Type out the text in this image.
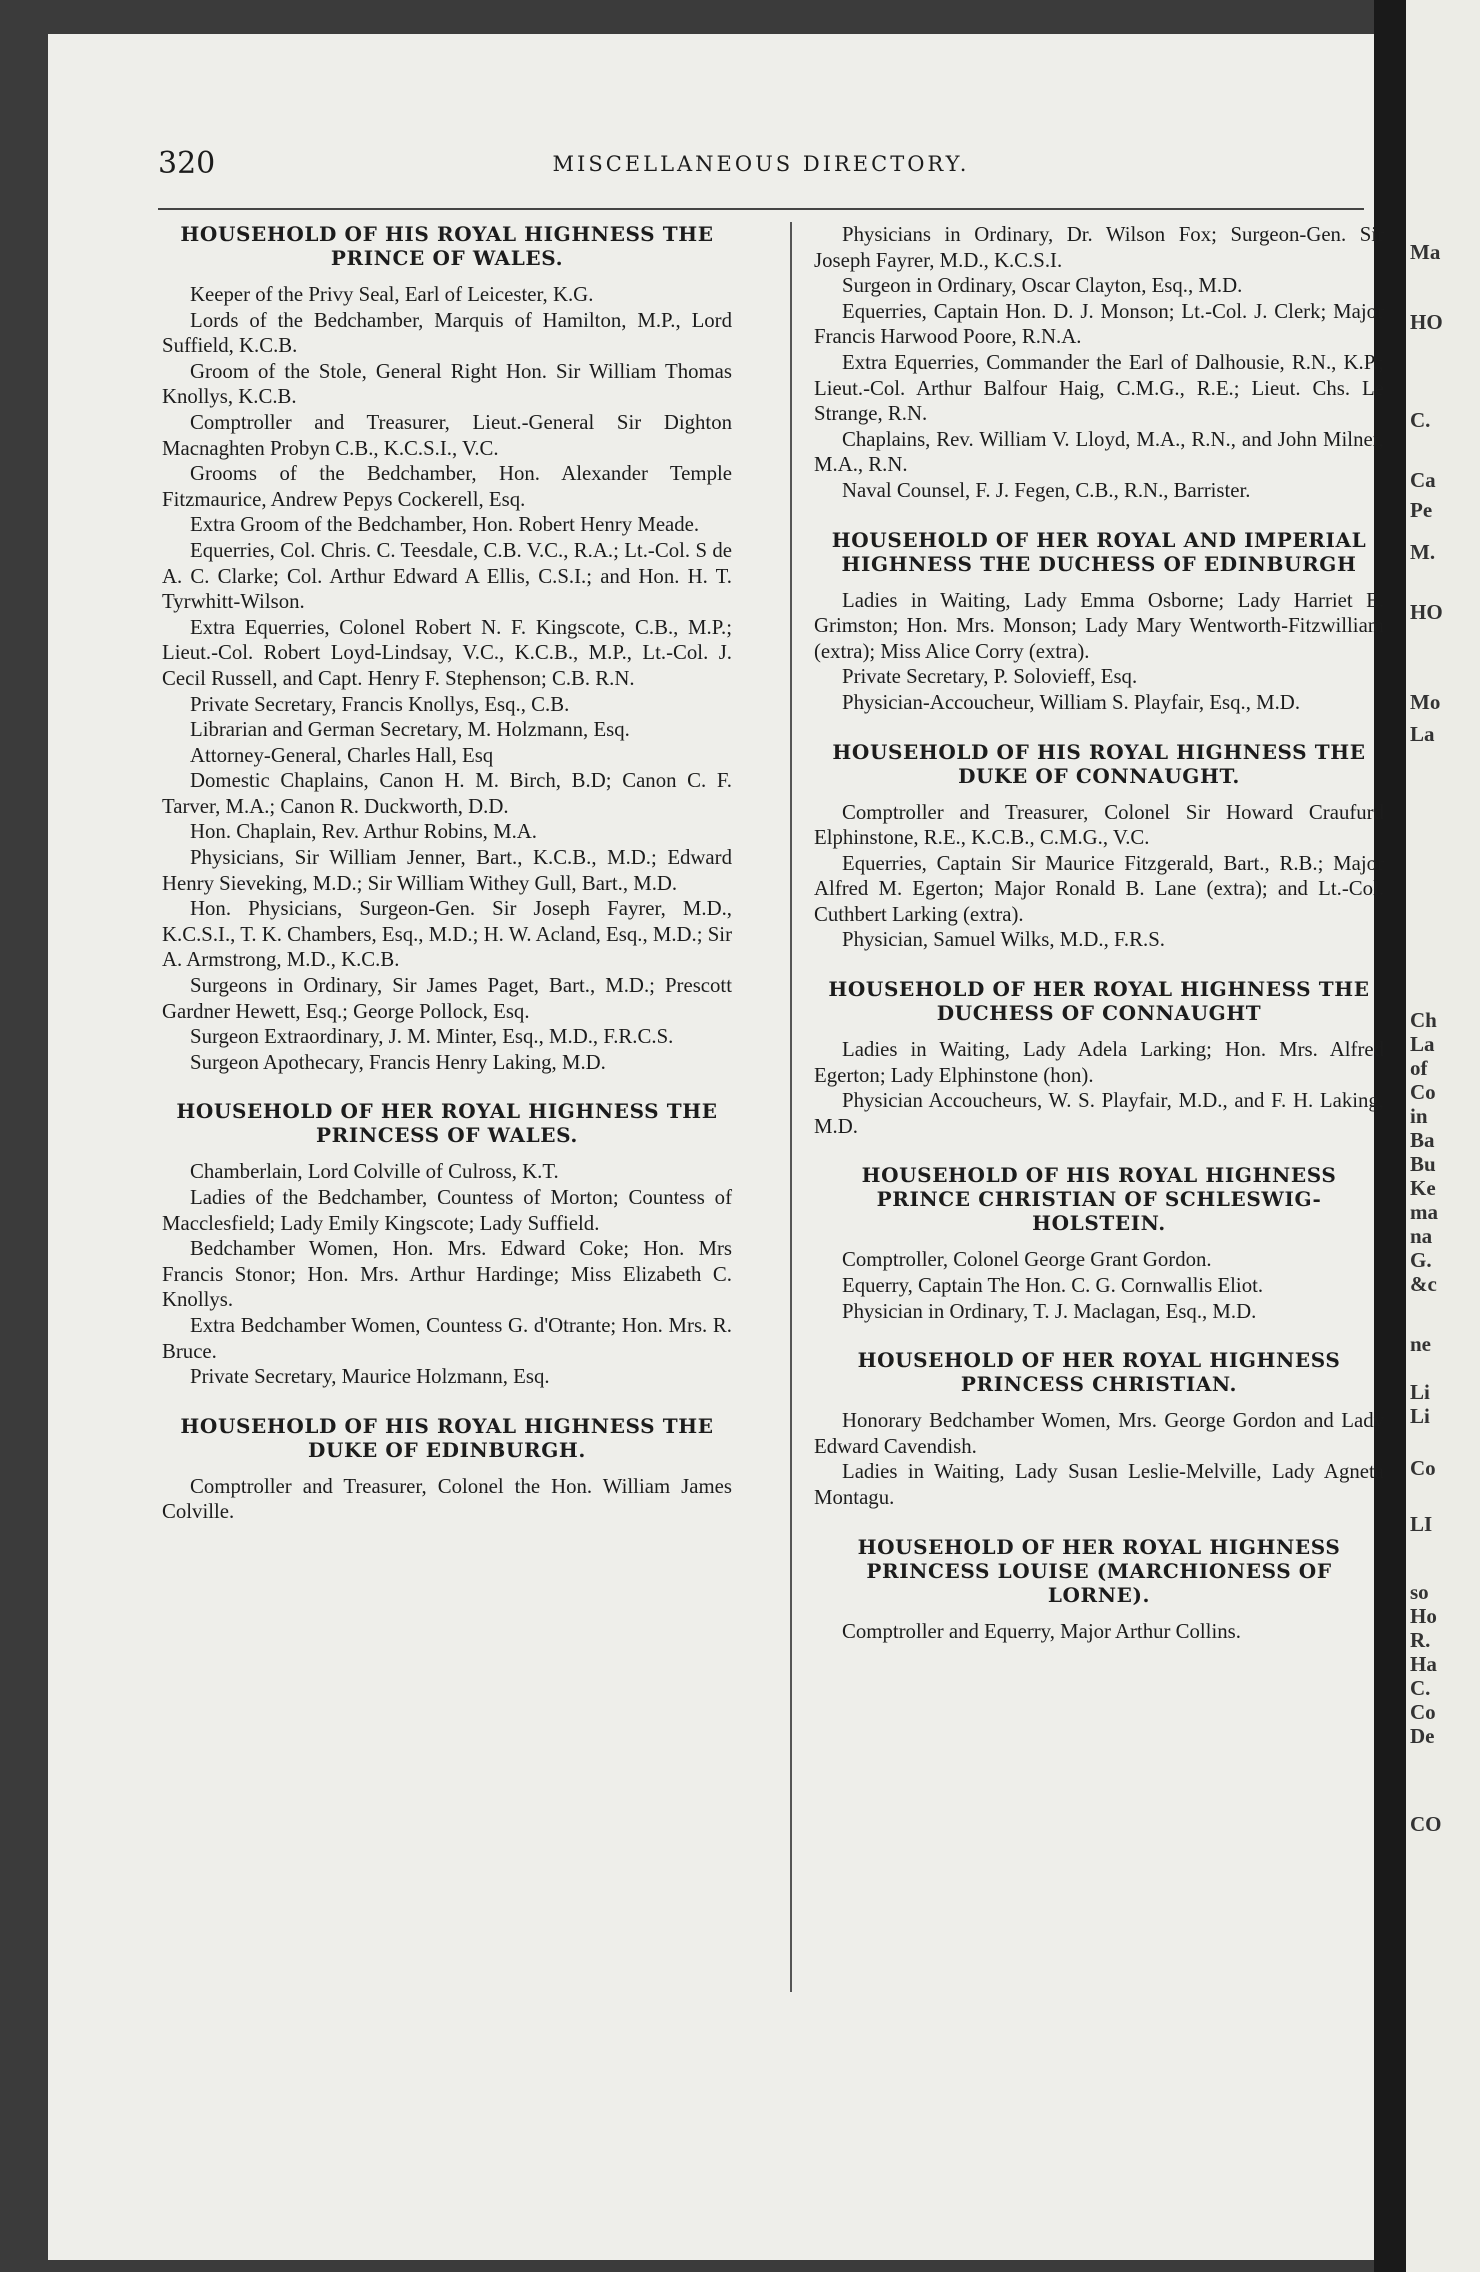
Ma
HO
C.
Ca
Pe
M.
HO
Mo
La
Ch
La
of
Co
in
Ba
Bu
Ke
ma
na
G.
&c
ne
Li
Li
Co
LI
so
Ho
R.
Ha
C.
Co
De
CO
320	MISCELLANEOUS DIRECTORY.
HOUSEHOLD OF HIS ROYAL HIGHNESS THE PRINCE OF WALES.

Keeper of the Privy Seal, Earl of Leicester, K.G.

Lords of the Bedchamber, Marquis of Hamilton, M.P., Lord Suffield, K.C.B.

Groom of the Stole, General Right Hon. Sir William Thomas Knollys, K.C.B.

Comptroller and Treasurer, Lieut.-General Sir Dighton Macnaghten Probyn C.B., K.C.S.I., V.C.

Grooms of the Bedchamber, Hon. Alexander Temple Fitzmaurice, Andrew Pepys Cockerell, Esq.

Extra Groom of the Bedchamber, Hon. Robert Henry Meade.

Equerries, Col. Chris. C. Teesdale, C.B. V.C., R.A.; Lt.-Col. S de A. C. Clarke; Col. Arthur Edward A Ellis, C.S.I.; and Hon. H. T. Tyrwhitt-Wilson.

Extra Equerries, Colonel Robert N. F. Kingscote, C.B., M.P.; Lieut.-Col. Robert Loyd-Lindsay, V.C., K.C.B., M.P., Lt.-Col. J. Cecil Russell, and Capt. Henry F. Stephenson; C.B. R.N.

Private Secretary, Francis Knollys, Esq., C.B.

Librarian and German Secretary, M. Holzmann, Esq.

Attorney-General, Charles Hall, Esq

Domestic Chaplains, Canon H. M. Birch, B.D; Canon C. F. Tarver, M.A.; Canon R. Duckworth, D.D.

Hon. Chaplain, Rev. Arthur Robins, M.A.

Physicians, Sir William Jenner, Bart., K.C.B., M.D.; Edward Henry Sieveking, M.D.; Sir William Withey Gull, Bart., M.D.

Hon. Physicians, Surgeon-Gen. Sir Joseph Fayrer, M.D., K.C.S.I., T. K. Chambers, Esq., M.D.; H. W. Acland, Esq., M.D.; Sir A. Armstrong, M.D., K.C.B.

Surgeons in Ordinary, Sir James Paget, Bart., M.D.; Prescott Gardner Hewett, Esq.; George Pollock, Esq.

Surgeon Extraordinary, J. M. Minter, Esq., M.D., F.R.C.S.

Surgeon Apothecary, Francis Henry Laking, M.D.

HOUSEHOLD OF HER ROYAL HIGHNESS THE PRINCESS OF WALES.

Chamberlain, Lord Colville of Culross, K.T.

Ladies of the Bedchamber, Countess of Morton; Countess of Macclesfield; Lady Emily Kingscote; Lady Suffield.

Bedchamber Women, Hon. Mrs. Edward Coke; Hon. Mrs Francis Stonor; Hon. Mrs. Arthur Hardinge; Miss Elizabeth C. Knollys.

Extra Bedchamber Women, Countess G. d'Otrante; Hon. Mrs. R. Bruce.

Private Secretary, Maurice Holzmann, Esq.

HOUSEHOLD OF HIS ROYAL HIGHNESS THE DUKE OF EDINBURGH.

Comptroller and Treasurer, Colonel the Hon. William James Colville.

Physicians in Ordinary, Dr. Wilson Fox; Surgeon-Gen. Sir Joseph Fayrer, M.D., K.C.S.I.

Surgeon in Ordinary, Oscar Clayton, Esq., M.D.

Equerries, Captain Hon. D. J. Monson; Lt.-Col. J. Clerk; Major Francis Harwood Poore, R.N.A.

Extra Equerries, Commander the Earl of Dalhousie, R.N., K.P.; Lieut.-Col. Arthur Balfour Haig, C.M.G., R.E.; Lieut. Chs. Le Strange, R.N.

Chaplains, Rev. William V. Lloyd, M.A., R.N., and John Milner, M.A., R.N.

Naval Counsel, F. J. Fegen, C.B., R.N., Barrister.

HOUSEHOLD OF HER ROYAL AND IMPERIAL HIGHNESS THE DUCHESS OF EDINBURGH

Ladies in Waiting, Lady Emma Osborne; Lady Harriet E. Grimston; Hon. Mrs. Monson; Lady Mary Wentworth-Fitzwilliam (extra); Miss Alice Corry (extra).

Private Secretary, P. Solovieff, Esq.

Physician-Accoucheur, William S. Playfair, Esq., M.D.

HOUSEHOLD OF HIS ROYAL HIGHNESS THE DUKE OF CONNAUGHT.

Comptroller and Treasurer, Colonel Sir Howard Craufurd Elphinstone, R.E., K.C.B., C.M.G., V.C.

Equerries, Captain Sir Maurice Fitzgerald, Bart., R.B.; Major Alfred M. Egerton; Major Ronald B. Lane (extra); and Lt.-Col. Cuthbert Larking (extra).

Physician, Samuel Wilks, M.D., F.R.S.

HOUSEHOLD OF HER ROYAL HIGHNESS THE DUCHESS OF CONNAUGHT

Ladies in Waiting, Lady Adela Larking; Hon. Mrs. Alfred Egerton; Lady Elphinstone (hon).

Physician Accoucheurs, W. S. Playfair, M.D., and F. H. Laking, M.D.

HOUSEHOLD OF HIS ROYAL HIGHNESS PRINCE CHRISTIAN OF SCHLESWIG-HOLSTEIN.

Comptroller, Colonel George Grant Gordon.

Equerry, Captain The Hon. C. G. Cornwallis Eliot.

Physician in Ordinary, T. J. Maclagan, Esq., M.D.

HOUSEHOLD OF HER ROYAL HIGHNESS PRINCESS CHRISTIAN.

Honorary Bedchamber Women, Mrs. George Gordon and Lady Edward Cavendish.

Ladies in Waiting, Lady Susan Leslie-Melville, Lady Agneta Montagu.

HOUSEHOLD OF HER ROYAL HIGHNESS PRINCESS LOUISE (MARCHIONESS OF LORNE).

Comptroller and Equerry, Major Arthur Collins.
